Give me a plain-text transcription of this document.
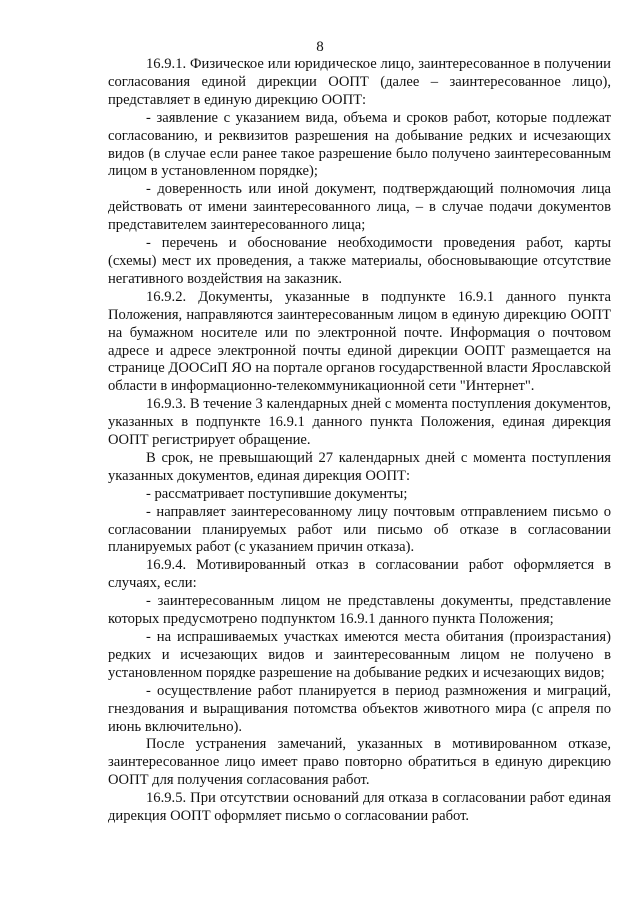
8

16.9.1. Физическое или юридическое лицо, заинтересованное в получении согласования единой дирекции ООПТ (далее – заинтересованное лицо), представляет в единую дирекцию ООПТ:

- заявление с указанием вида, объема и сроков работ, которые подлежат согласованию, и реквизитов разрешения на добывание редких и исчезающих видов (в случае если ранее такое разрешение было получено заинтересованным лицом в установленном порядке);

- доверенность или иной документ, подтверждающий полномочия лица действовать от имени заинтересованного лица, – в случае подачи документов представителем заинтересованного лица;

- перечень и обоснование необходимости проведения работ, карты (схемы) мест их проведения, а также материалы, обосновывающие отсутствие негативного воздействия на заказник.

16.9.2. Документы, указанные в подпункте 16.9.1 данного пункта Положения, направляются заинтересованным лицом в единую дирекцию ООПТ на бумажном носителе или по электронной почте. Информация о почтовом адресе и адресе электронной почты единой дирекции ООПТ размещается на странице ДООСиП ЯО на портале органов государственной власти Ярославской области в информационно-телекоммуникационной сети "Интернет".

16.9.3. В течение 3 календарных дней с момента поступления документов, указанных в подпункте 16.9.1 данного пункта Положения, единая дирекция ООПТ регистрирует обращение.

В срок, не превышающий 27 календарных дней с момента поступления указанных документов, единая дирекция ООПТ:

- рассматривает поступившие документы;

- направляет заинтересованному лицу почтовым отправлением письмо о согласовании планируемых работ или письмо об отказе в согласовании планируемых работ (с указанием причин отказа).

16.9.4. Мотивированный отказ в согласовании работ оформляется в случаях, если:

- заинтересованным лицом не представлены документы, представление которых предусмотрено подпунктом 16.9.1 данного пункта Положения;

- на испрашиваемых участках имеются места обитания (произрастания) редких и исчезающих видов и заинтересованным лицом не получено в установленном порядке разрешение на добывание редких и исчезающих видов;

- осуществление работ планируется в период размножения и миграций, гнездования и выращивания потомства объектов животного мира (с апреля по июнь включительно).

После устранения замечаний, указанных в мотивированном отказе, заинтересованное лицо имеет право повторно обратиться в единую дирекцию ООПТ для получения согласования работ.

16.9.5. При отсутствии оснований для отказа в согласовании работ единая дирекция ООПТ оформляет письмо о согласовании работ.
